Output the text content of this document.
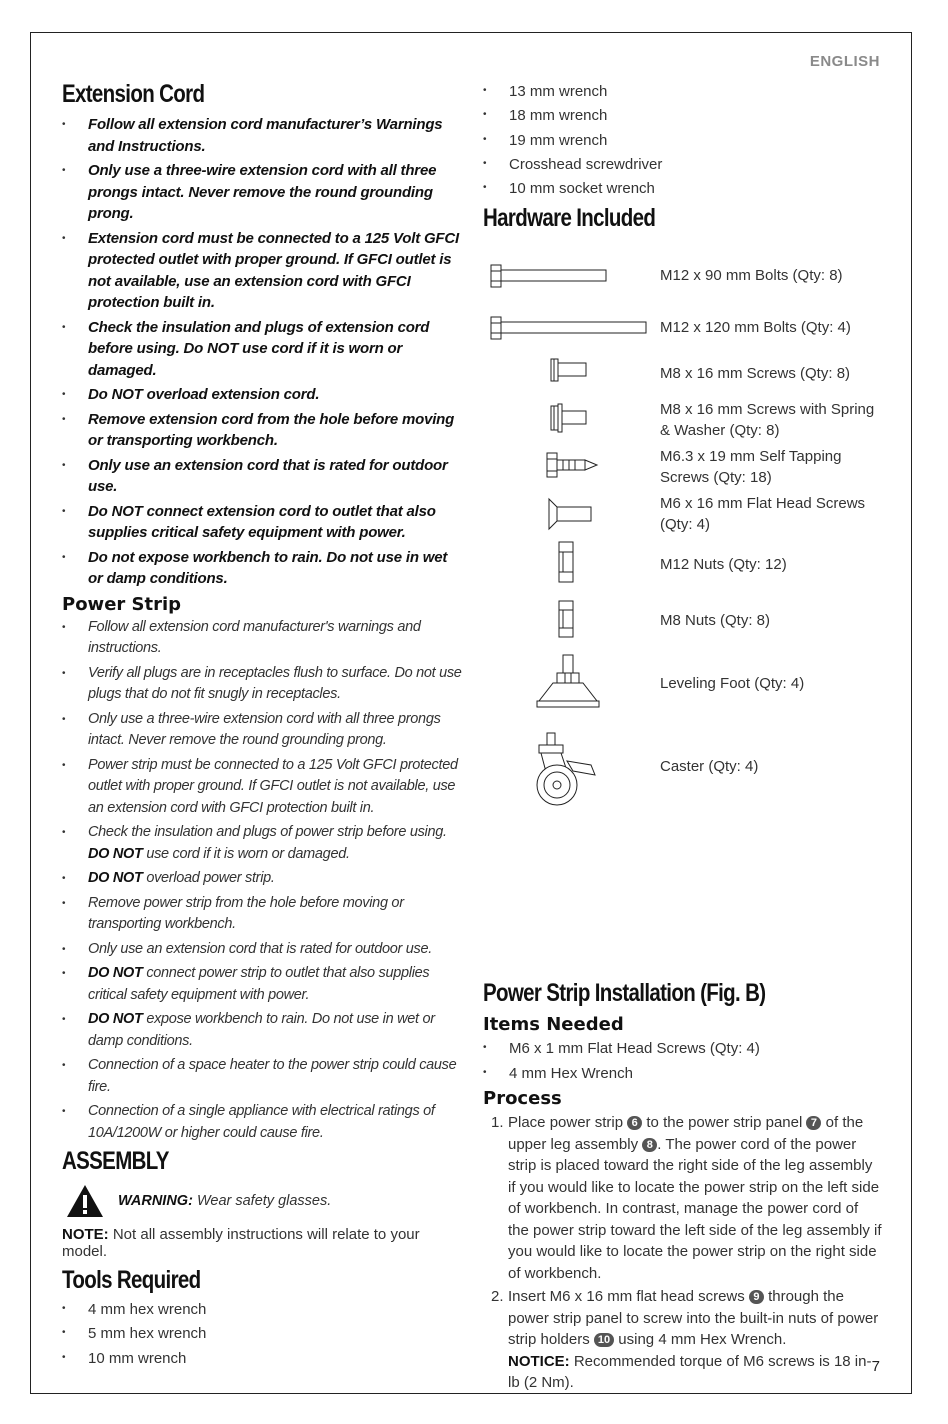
ENGLISH
7
Extension Cord
• Follow all extension cord manufacturer’s Warnings and Instructions.
• Only use a three-wire extension cord with all three prongs intact. Never remove the round grounding prong.
• Extension cord must be connected to a 125 Volt GFCI protected outlet with proper ground. If GFCI outlet is not available, use an extension cord with GFCI protection built in.
• Check the insulation and plugs of extension cord before using. Do NOT use cord if it is worn or damaged.
• Do NOT overload extension cord.
• Remove extension cord from the hole before moving or transporting workbench.
• Only use an extension cord that is rated for outdoor use.
• Do NOT connect extension cord to outlet that also supplies critical safety equipment with power.
• Do not expose workbench to rain. Do not use in wet or damp conditions.
Power Strip
• Follow all extension cord manufacturer's warnings and instructions.
• Verify all plugs are in receptacles flush to surface. Do not use plugs that do not fit snugly in receptacles.
• Only use a three-wire extension cord with all three prongs intact. Never remove the round grounding prong.
• Power strip must be connected to a 125 Volt GFCI protected outlet with proper ground. If GFCI outlet is not available, use an extension cord with GFCI protection built in.
• Check the insulation and plugs of power strip before using. DO NOT use cord if it is worn or damaged.
• DO NOT overload power strip.
• Remove power strip from the hole before moving or transporting workbench.
• Only use an extension cord that is rated for outdoor use.
• DO NOT connect power strip to outlet that also supplies critical safety equipment with power.
• DO NOT expose workbench to rain. Do not use in wet or damp conditions.
• Connection of a space heater to the power strip could cause fire.
• Connection of a single appliance with electrical ratings of 10A/1200W or higher could cause fire.
ASSEMBLY
WARNING: Wear safety glasses.
NOTE: Not all assembly instructions will relate to your model.
Tools Required
• 4 mm hex wrench
• 5 mm hex wrench
• 10 mm wrench
• 13 mm wrench
• 18 mm wrench
• 19 mm wrench
• Crosshead screwdriver
• 10 mm socket wrench
Hardware Included
M12 x 90 mm Bolts (Qty: 8)
M12 x 120 mm Bolts (Qty: 4)
M8 x 16 mm Screws (Qty: 8)
M8 x 16 mm Screws with Spring & Washer (Qty: 8)
M6.3 x 19 mm Self Tapping Screws (Qty: 18)
M6 x 16 mm Flat Head Screws (Qty: 4)
M12 Nuts (Qty: 12)
M8 Nuts (Qty: 8)
Leveling Foot (Qty: 4)
Caster (Qty: 4)
Power Strip Installation (Fig. B)
Items Needed
• M6 x 1 mm Flat Head Screws (Qty: 4)
• 4 mm Hex Wrench
Process
1. Place power strip 6 to the power strip panel 7 of the upper leg assembly 8 . The power cord of the power strip is placed toward the right side of the leg assembly if you would like to locate the power strip on the left side of workbench. In contrast, manage the power cord of the power strip toward the left side of the leg assembly if you would like to locate the power strip on the right side of workbench.
2. Insert M6 x 16 mm flat head screws 9 through the power strip panel to screw into the built-in nuts of power strip holders 10 using 4 mm Hex Wrench.
NOTICE: Recommended torque of M6 screws is 18 in-lb (2 Nm).
